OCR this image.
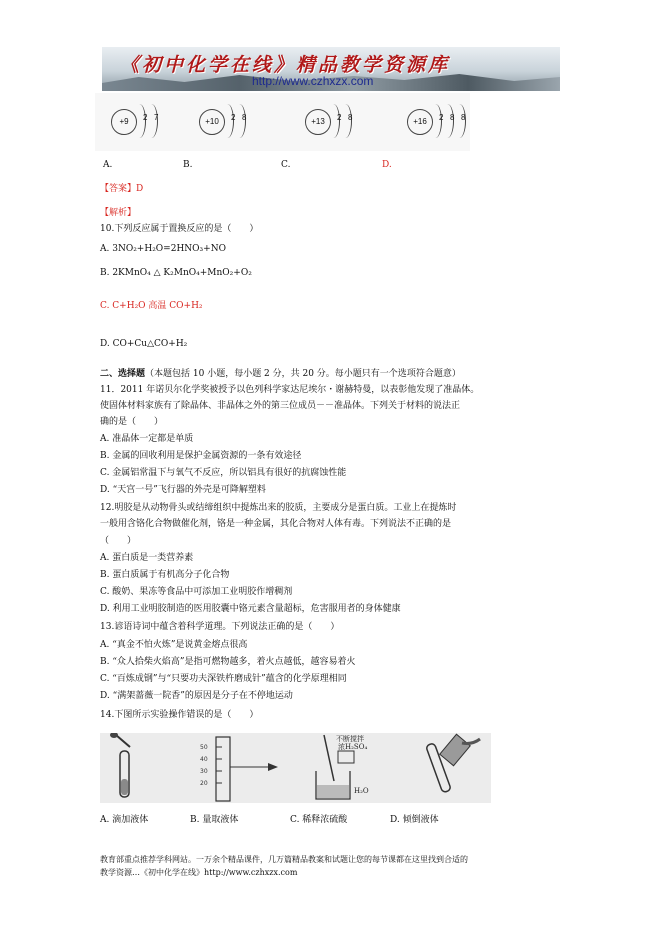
《初中化学在线》精品教学资源库
http://www.czhxzx.com
+9	2 7	+10	2 8	+13	2 8	+16	2 8 8
A.	B.	C.	D.
【答案】D
【解析】
10.下列反应属于置换反应的是（　　）
A. 3NO₂+H₂O=2HNO₃+NO
B. 2KMnO₄ △ K₂MnO₄+MnO₂+O₂
C. C+H₂O 高温 CO+H₂
D. CO+Cu△CO+H₂
二、选择题（本题包括 10 小题，每小题 2 分，共 20 分。每小题只有一个选项符合题意）
11．2011 年诺贝尔化学奖被授予以色列科学家达尼埃尔・谢赫特曼，以表彰他发现了准晶体。
使固体材料家族有了除晶体、非晶体之外的第三位成员－－准晶体。下列关于材料的说法正
确的是（　　）
A. 准晶体一定都是单质
B. 金属的回收利用是保护金属资源的一条有效途径
C. 金属铝常温下与氧气不反应，所以铝具有很好的抗腐蚀性能
D. “天宫一号”飞行器的外壳是可降解塑料
12.明胶是从动物骨头或结缔组织中提炼出来的胶质，主要成分是蛋白质。工业上在提炼时
一般用含铬化合物做催化剂，铬是一种金属，其化合物对人体有毒。下列说法不正确的是
（　　）
A. 蛋白质是一类营养素
B. 蛋白质属于有机高分子化合物
C. 酸奶、果冻等食品中可添加工业明胶作增稠剂
D. 利用工业明胶制造的医用胶囊中铬元素含量超标，危害服用者的身体健康
13.谚语诗词中蕴含着科学道理。下列说法正确的是（　　）
A. “真金不怕火炼”是说黄金熔点很高
B. “众人拾柴火焰高”是指可燃物越多，着火点越低，越容易着火
C. “百炼成钢”与“只要功夫深铁杵磨成针”蕴含的化学原理相同
D. “满架蔷薇一院香”的原因是分子在不停地运动
14.下图所示实验操作错误的是（　　）
50
40
30
20
不断搅拌
浓H₂SO₄
H₂O
A. 滴加液体	B. 量取液体	C. 稀释浓硫酸	D. 倾倒液体
教育部重点推荐学科网站。一万余个精品课件，几万篇精品教案和试题让您的每节课都在这里找到合适的
教学资源…《初中化学在线》http://www.czhxzx.com
